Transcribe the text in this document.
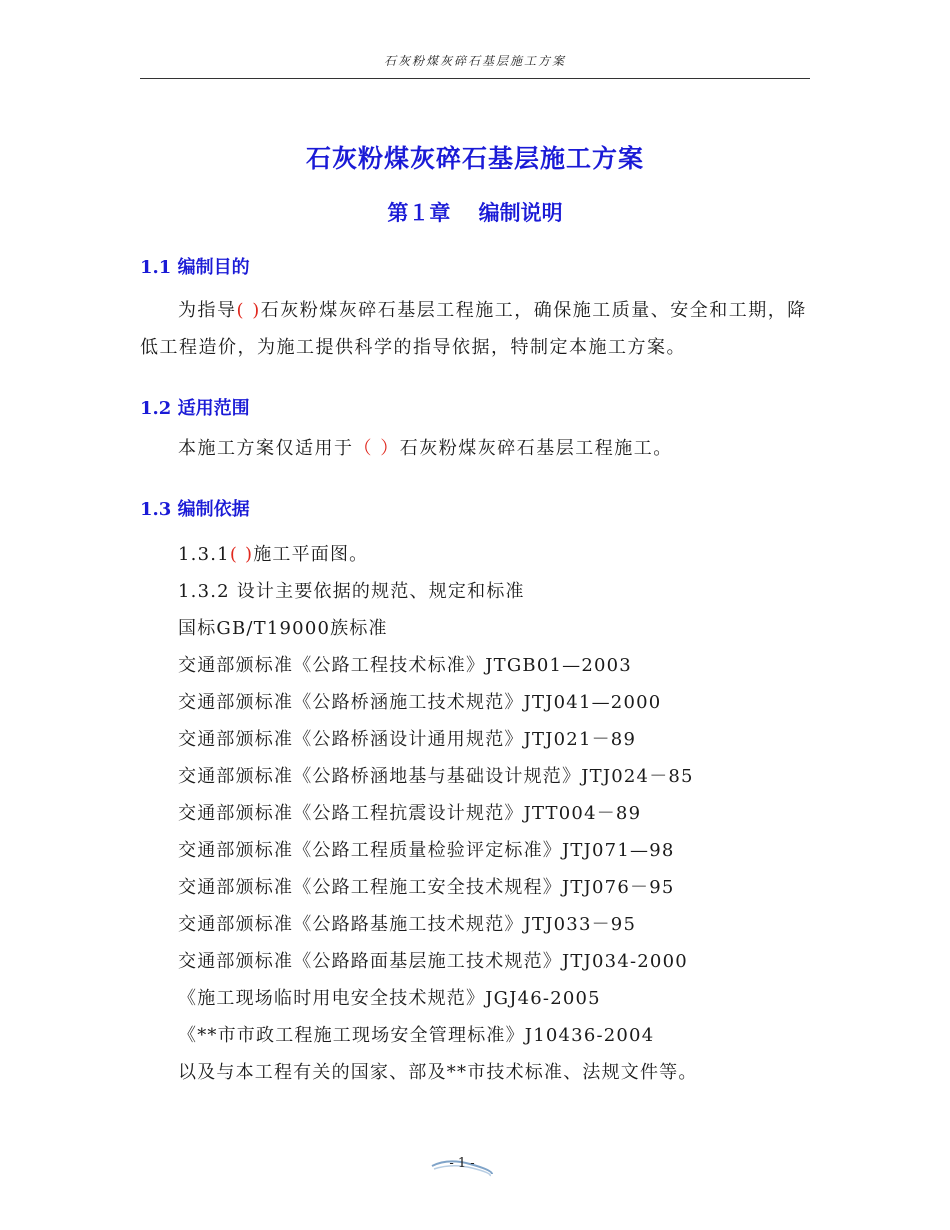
石灰粉煤灰碎石基层施工方案
石灰粉煤灰碎石基层施工方案
第１章　 编制说明
1.1 编制目的
为指导( )石灰粉煤灰碎石基层工程施工，确保施工质量、安全和工期，降低工程造价，为施工提供科学的指导依据，特制定本施工方案。
1.2 适用范围
本施工方案仅适用于（ ）石灰粉煤灰碎石基层工程施工。
1.3 编制依据
1.3.1( )施工平面图。
1.3.2 设计主要依据的规范、规定和标准
国标GB/T19000族标准
交通部颁标准《公路工程技术标准》JTGB01—2003
交通部颁标准《公路桥涵施工技术规范》JTJ041—2000
交通部颁标准《公路桥涵设计通用规范》JTJ021－89
交通部颁标准《公路桥涵地基与基础设计规范》JTJ024－85
交通部颁标准《公路工程抗震设计规范》JTT004－89
交通部颁标准《公路工程质量检验评定标准》JTJ071—98
交通部颁标准《公路工程施工安全技术规程》JTJ076－95
交通部颁标准《公路路基施工技术规范》JTJ033－95
交通部颁标准《公路路面基层施工技术规范》JTJ034-2000
《施工现场临时用电安全技术规范》JGJ46-2005
《**市市政工程施工现场安全管理标准》J10436-2004
以及与本工程有关的国家、部及**市技术标准、法规文件等。
- 1 -
